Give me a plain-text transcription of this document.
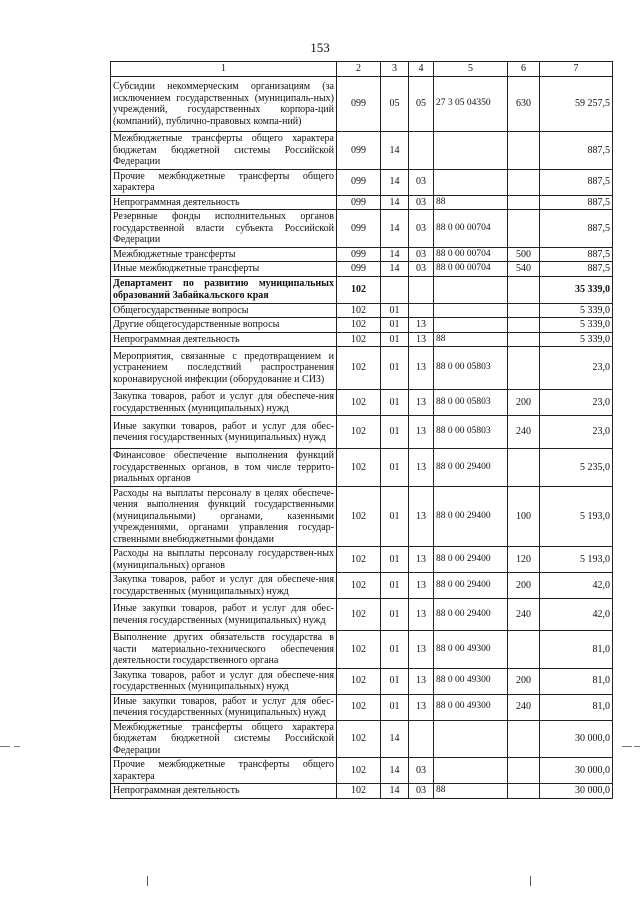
153
1	2	3	4	5	6	7
Субсидии некоммерческим организациям (за исключением государственных (муниципаль-ных) учреждений, государственных корпора-ций (компаний), публично-правовых компа-ний)	099	05	05	27 3 05 04350	630	59 257,5
Межбюджетные трансферты общего характера бюджетам бюджетной системы Российской Федерации	099	14				887,5
Прочие межбюджетные трансферты общего характера	099	14	03			887,5
Непрограммная деятельность	099	14	03	88		887,5
Резервные фонды исполнительных органов государственной власти субъекта Российской Федерации	099	14	03	88 0 00 00704		887,5
Межбюджетные трансферты	099	14	03	88 0 00 00704	500	887,5
Иные межбюджетные трансферты	099	14	03	88 0 00 00704	540	887,5
Департамент по развитию муниципальных образований Забайкальского края	102					35 339,0
Общегосударственные вопросы	102	01				5 339,0
Другие общегосударственные вопросы	102	01	13			5 339,0
Непрограммная деятельность	102	01	13	88		5 339,0
Мероприятия, связанные с предотвращением и устранением последствий распространения коронавирусной инфекции (оборудование и СИЗ)	102	01	13	88 0 00 05803		23,0
Закупка товаров, работ и услуг для обеспече-ния государственных (муниципальных) нужд	102	01	13	88 0 00 05803	200	23,0
Иные закупки товаров, работ и услуг для обес-печения государственных (муниципальных) нужд	102	01	13	88 0 00 05803	240	23,0
Финансовое обеспечение выполнения функций государственных органов, в том числе террито-риальных органов	102	01	13	88 0 00 29400		5 235,0
Расходы на выплаты персоналу в целях обеспече-чения выполнения функций государственными (муниципальными) органами, казенными учреждениями, органами управления государ-ственными внебюджетными фондами	102	01	13	88 0 00 29400	100	5 193,0
Расходы на выплаты персоналу государствен-ных (муниципальных) органов	102	01	13	88 0 00 29400	120	5 193,0
Закупка товаров, работ и услуг для обеспече-ния государственных (муниципальных) нужд	102	01	13	88 0 00 29400	200	42,0
Иные закупки товаров, работ и услуг для обес-печения государственных (муниципальных) нужд	102	01	13	88 0 00 29400	240	42,0
Выполнение других обязательств государства в части материально-технического обеспечения деятельности государственного органа	102	01	13	88 0 00 49300		81,0
Закупка товаров, работ и услуг для обеспече-ния государственных (муниципальных) нужд	102	01	13	88 0 00 49300	200	81,0
Иные закупки товаров, работ и услуг для обес-печения государственных (муниципальных) нужд	102	01	13	88 0 00 49300	240	81,0
Межбюджетные трансферты общего характера бюджетам бюджетной системы Российской Федерации	102	14				30 000,0
Прочие межбюджетные трансферты общего характера	102	14	03			30 000,0
Непрограммная деятельность	102	14	03	88		30 000,0
